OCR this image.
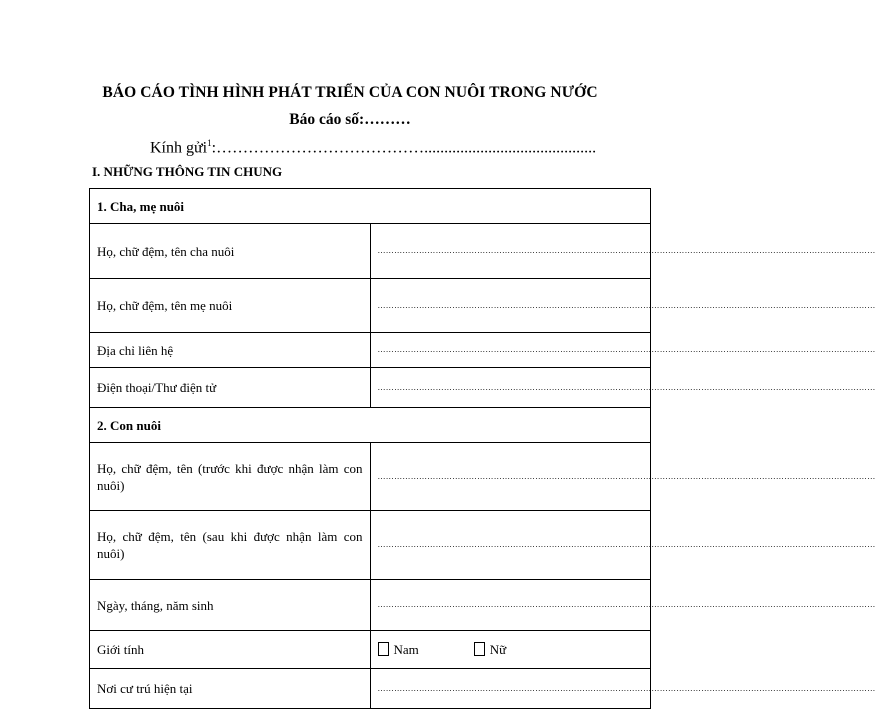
BÁO CÁO TÌNH HÌNH PHÁT TRIỂN CỦA CON NUÔI TRONG NƯỚC
Báo cáo số:………
Kính gửi$^1$:…………………………………...........................................
I. NHỮNG THÔNG TIN CHUNG
1. Cha, mẹ nuôi	
Họ, chữ đệm, tên cha nuôi	………………………………………………………………………………………………………………………………………………………………

Họ, chữ đệm, tên mẹ nuôi	………………………………………………………………………………………………………………………………………………………………

Địa chỉ liên hệ	………………………………………………………………………………………………………………………………………………………………

Điện thoại/Thư điện tử	………………………………………………………………………………………………………………………………………………………………

2. Con nuôi	
Họ, chữ đệm, tên (trước khi được nhận làm con nuôi)	………………………………………………………………………………………………………………………………………………………………

Họ, chữ đệm, tên (sau khi được nhận làm con nuôi)	………………………………………………………………………………………………………………………………………………………………

Ngày, tháng, năm sinh	………………………………………………………………………………………………………………………………………………………………

Giới tính	Nam Nữ
Nơi cư trú hiện tại	………………………………………………………………………………………………………………………………………………………………
